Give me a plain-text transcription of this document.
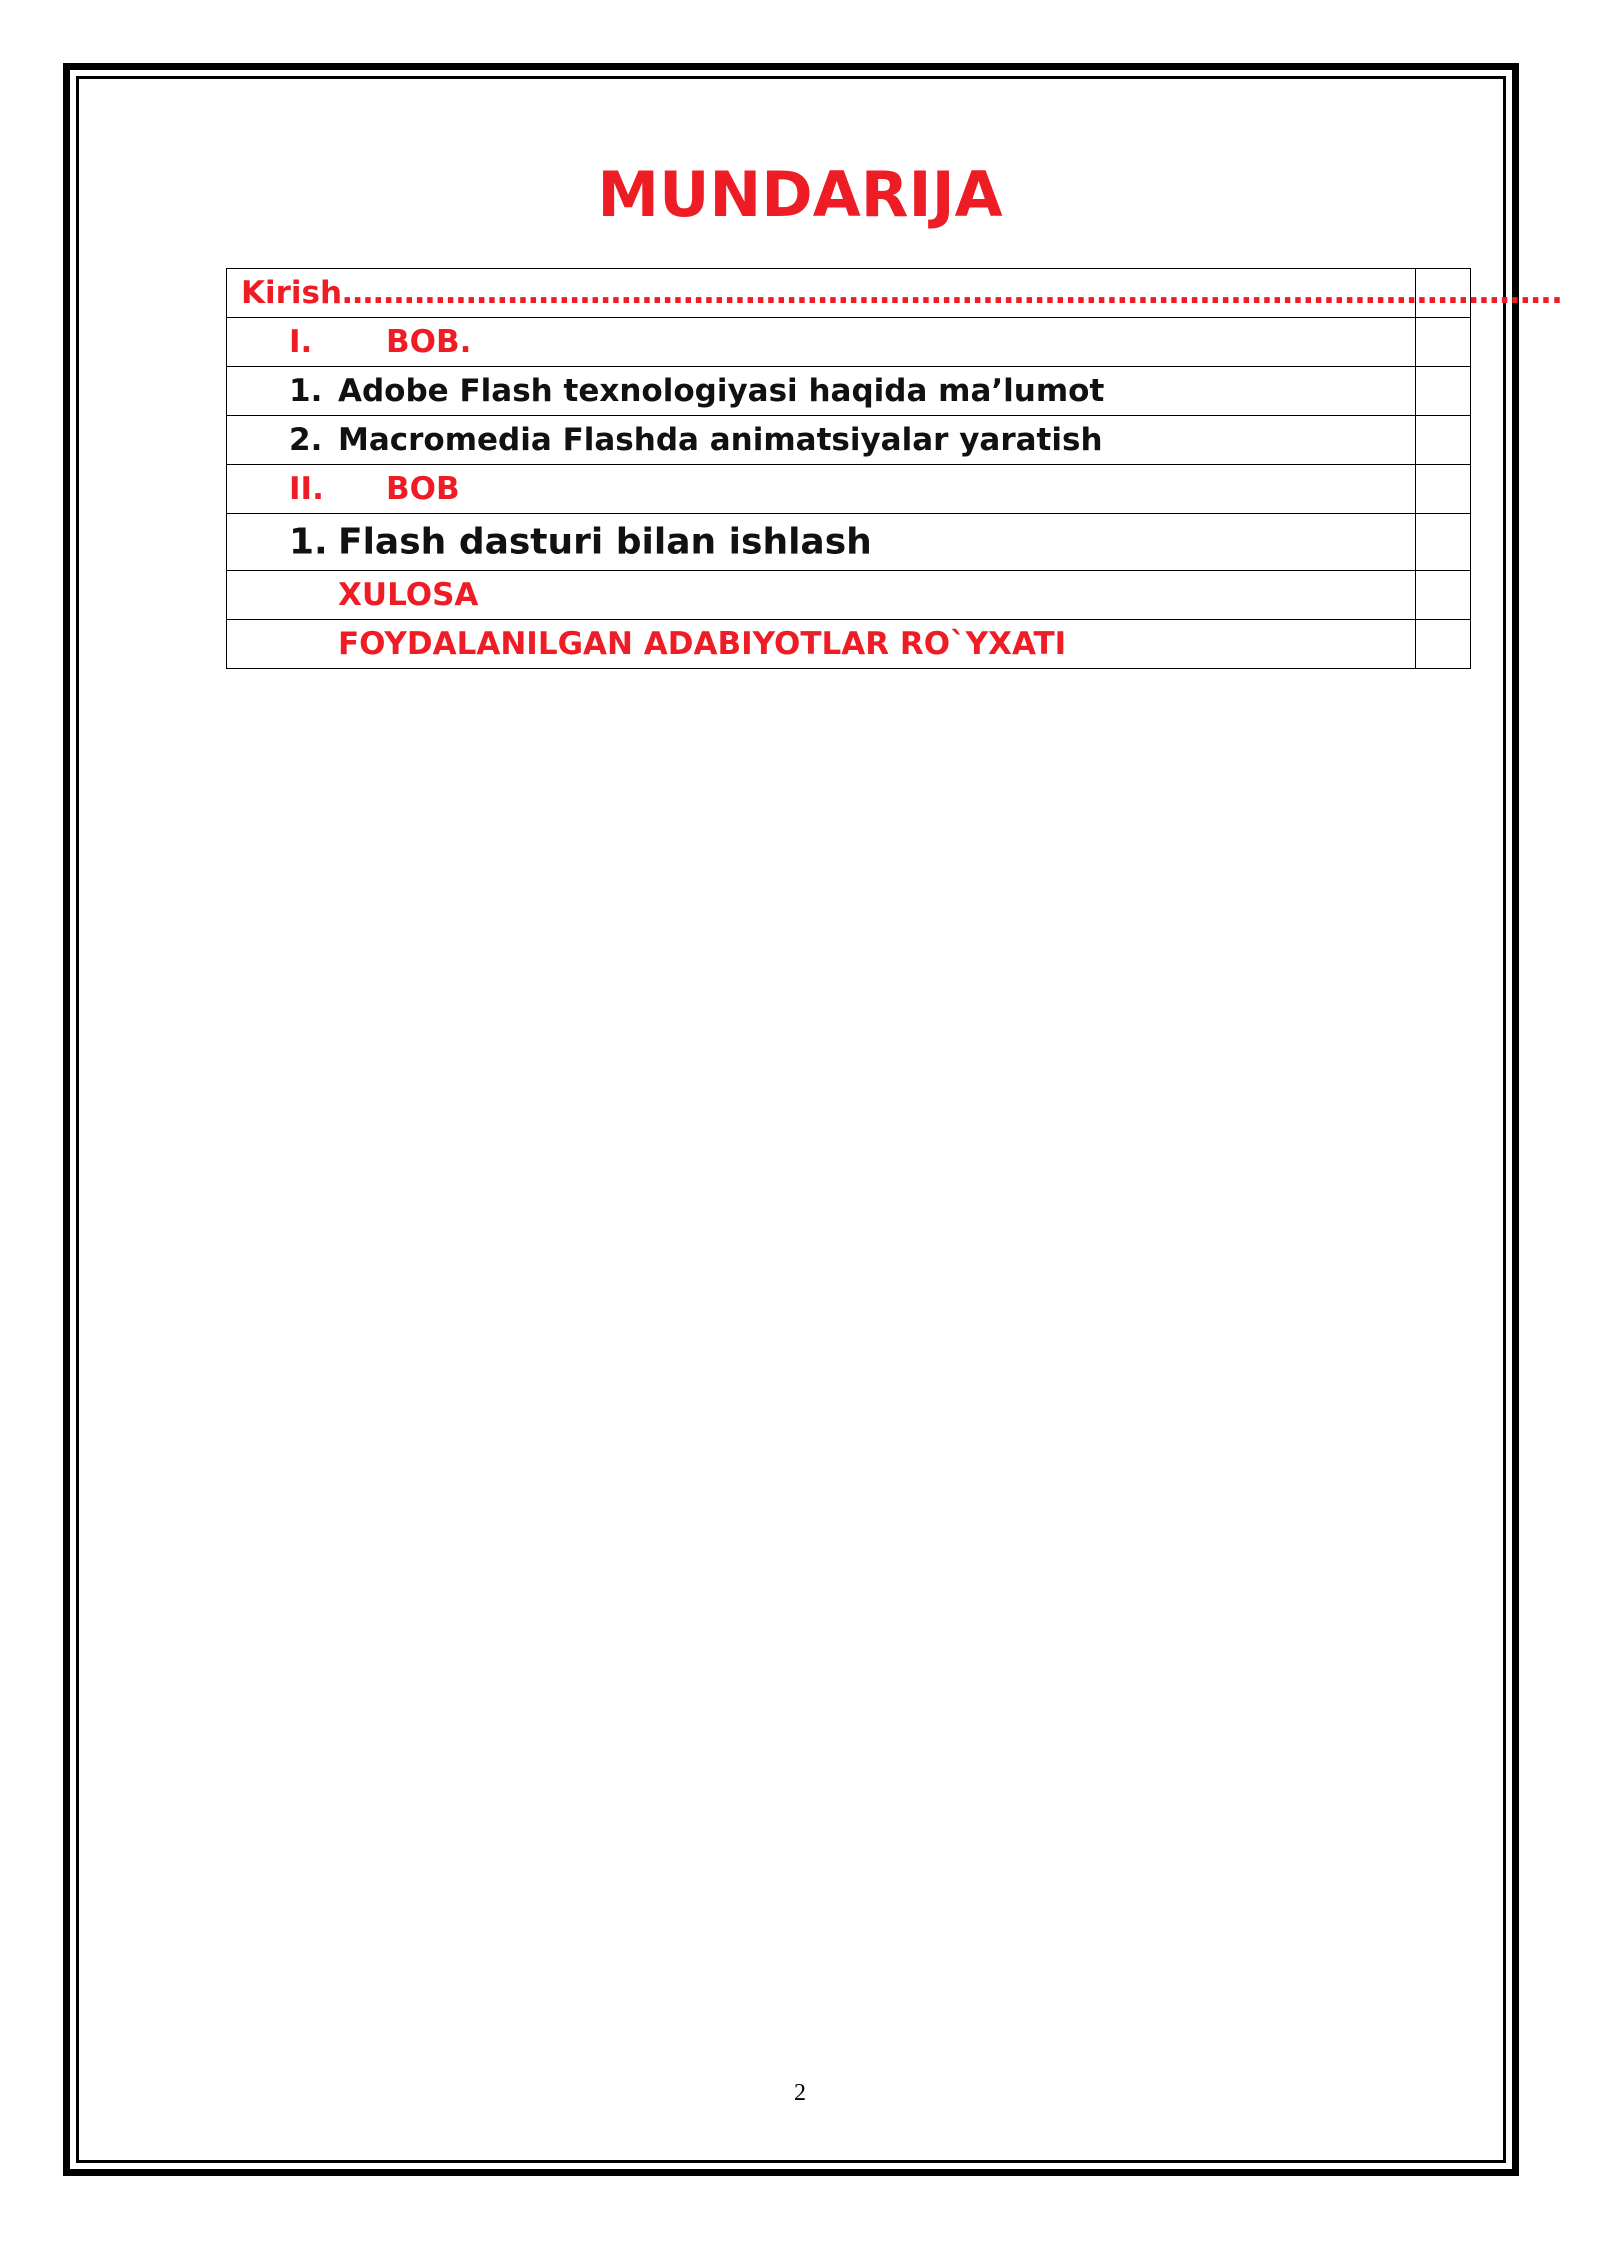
MUNDARIJA
Kirish……………………………………………………………………………………………………….	

I. BOB.	

1. Adobe Flash texnologiyasi haqida ma’lumot	

2. Macromedia Flashda animatsiyalar yaratish	

II. BOB	

1. Flash dasturi bilan ishlash	

XULOSA	

FOYDALANILGAN ADABIYOTLAR RO`YXATI	

2
